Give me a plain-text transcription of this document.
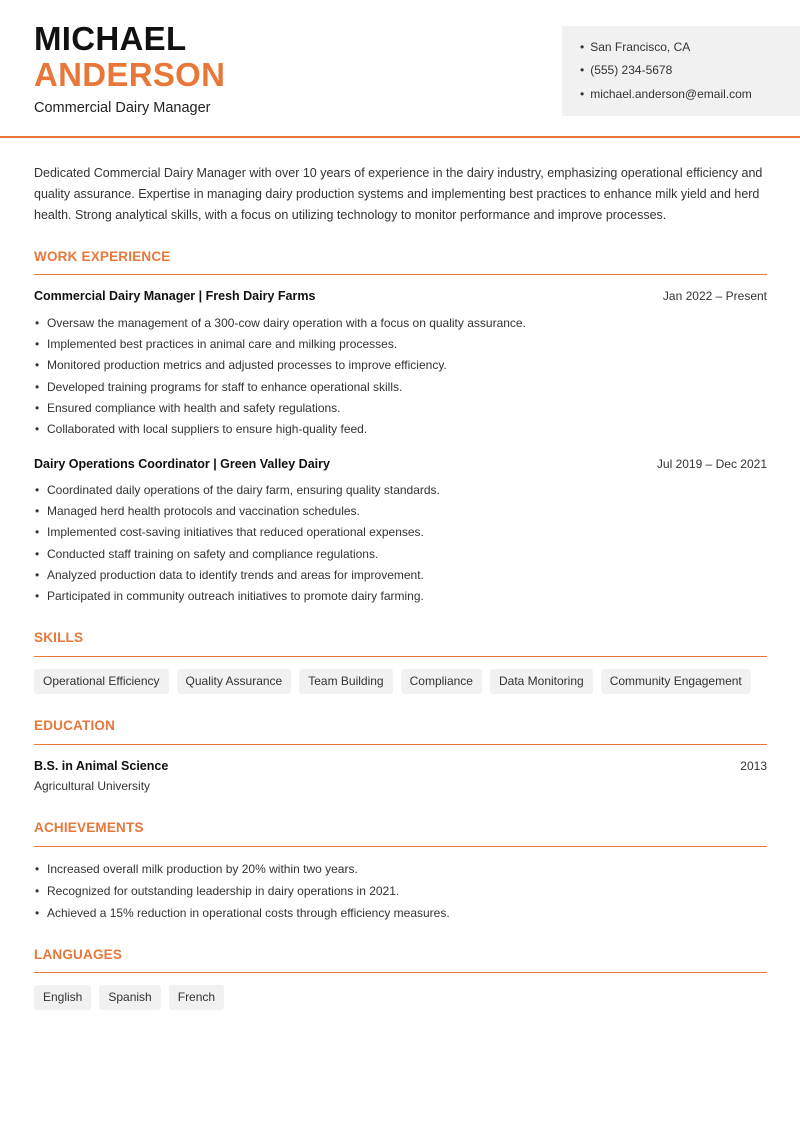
MICHAEL
ANDERSON
Commercial Dairy Manager
• San Francisco, CA
• (555) 234-5678
• michael.anderson@email.com
Dedicated Commercial Dairy Manager with over 10 years of experience in the dairy industry, emphasizing operational efficiency and quality assurance. Expertise in managing dairy production systems and implementing best practices to enhance milk yield and herd health. Strong analytical skills, with a focus on utilizing technology to monitor performance and improve processes.
WORK EXPERIENCE
Commercial Dairy Manager | Fresh Dairy Farms	Jan 2022 – Present
• Oversaw the management of a 300-cow dairy operation with a focus on quality assurance.
• Implemented best practices in animal care and milking processes.
• Monitored production metrics and adjusted processes to improve efficiency.
• Developed training programs for staff to enhance operational skills.
• Ensured compliance with health and safety regulations.
• Collaborated with local suppliers to ensure high-quality feed.
Dairy Operations Coordinator | Green Valley Dairy	Jul 2019 – Dec 2021
• Coordinated daily operations of the dairy farm, ensuring quality standards.
• Managed herd health protocols and vaccination schedules.
• Implemented cost-saving initiatives that reduced operational expenses.
• Conducted staff training on safety and compliance regulations.
• Analyzed production data to identify trends and areas for improvement.
• Participated in community outreach initiatives to promote dairy farming.
SKILLS
Operational Efficiency	Quality Assurance	Team Building	Compliance	Data Monitoring	Community Engagement
EDUCATION
B.S. in Animal Science	2013
Agricultural University
ACHIEVEMENTS
• Increased overall milk production by 20% within two years.
• Recognized for outstanding leadership in dairy operations in 2021.
• Achieved a 15% reduction in operational costs through efficiency measures.
LANGUAGES
English	Spanish	French
